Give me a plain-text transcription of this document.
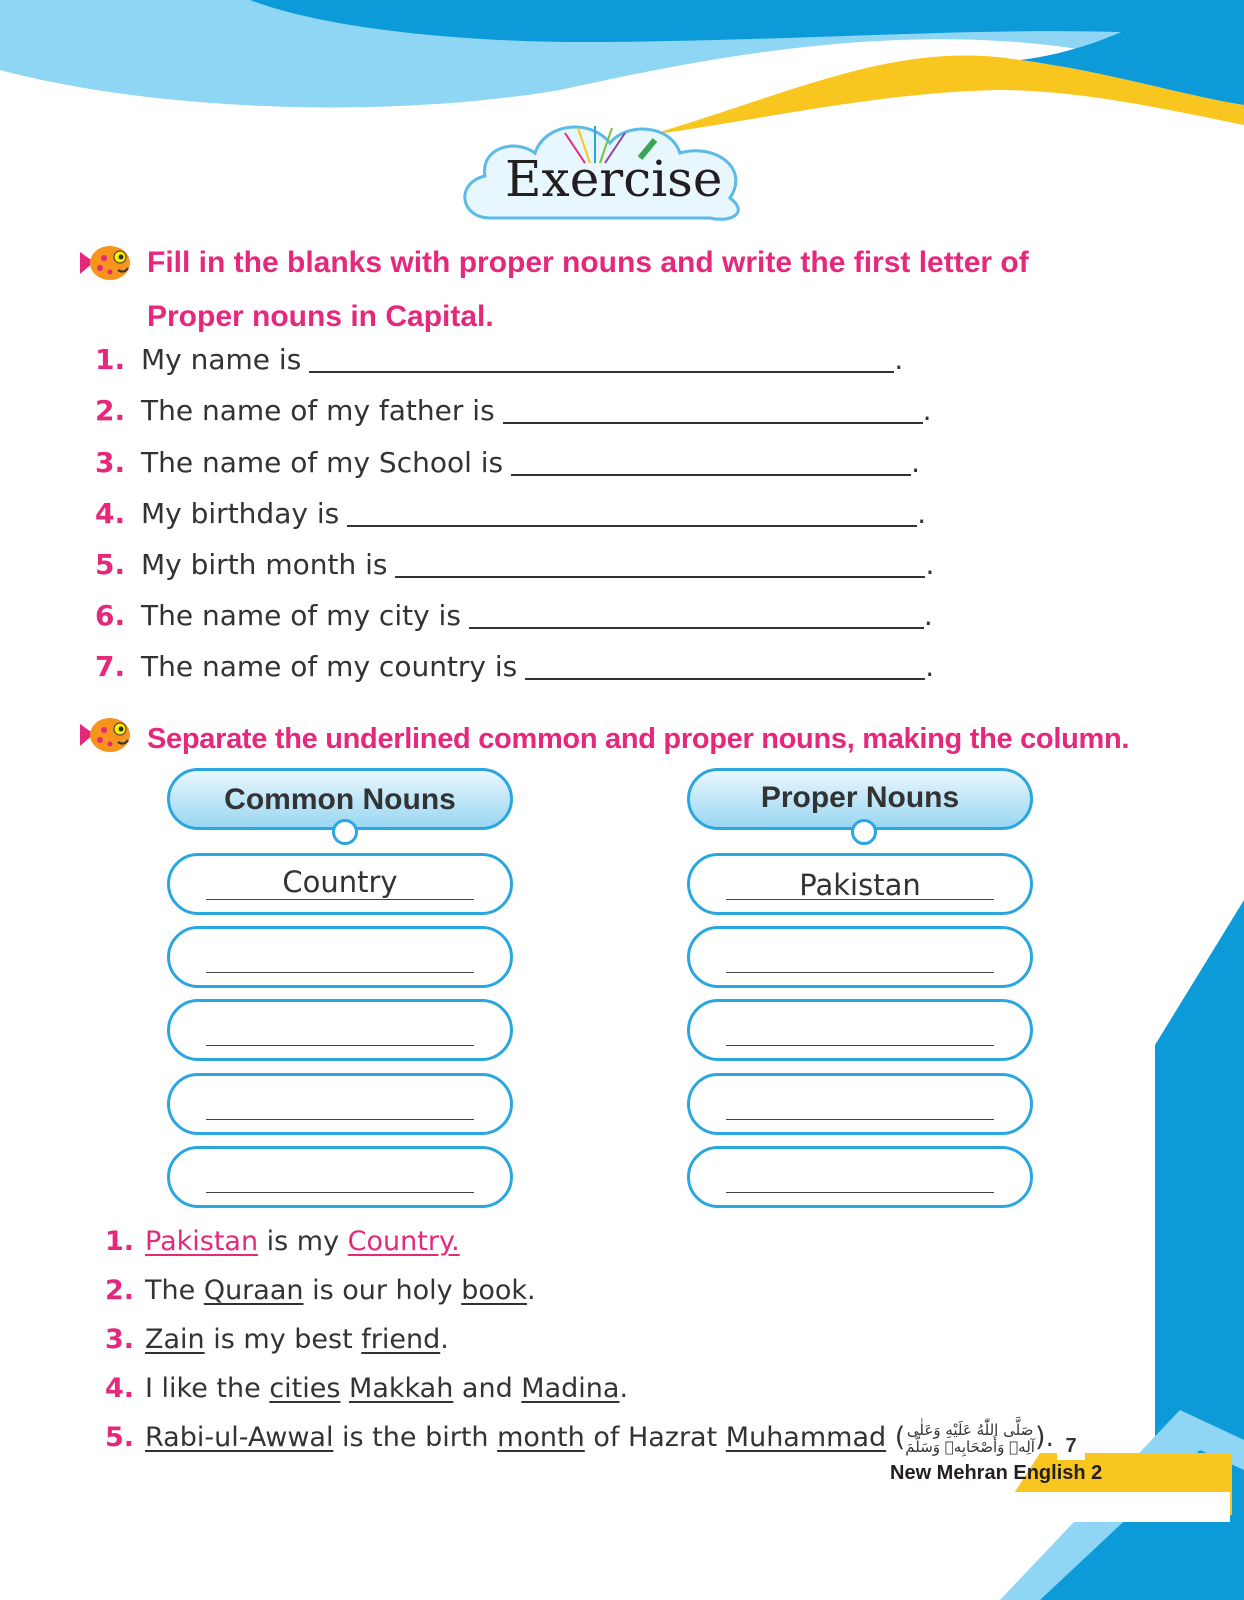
Exercise
Fill in the blanks with proper nouns and write the first letter of
Proper nouns in Capital.
1. My name is	.
2. The name of my father is	.
3. The name of my School is	.
4. My birthday is	.
5. My birth month is	.
6. The name of my city is	.
7. The name of my country is	.
Separate the underlined common and proper nouns, making the column.
Common Nouns	Proper Nouns
Country	Pakistan
1. Pakistan is my Country.
2. The Quraan is our holy book.
3. Zain is my best friend.
4. I like the cities Makkah and Madina.
5. Rabi-ul-Awwal is the birth month of Hazrat Muhammad ( صَلَّى اللّٰهُ عَلَيْهِ وَعَلٰى
آلِهٖ وَأَصْحَابِهٖ وَسَلَّمَ). 7
New Mehran English 2
